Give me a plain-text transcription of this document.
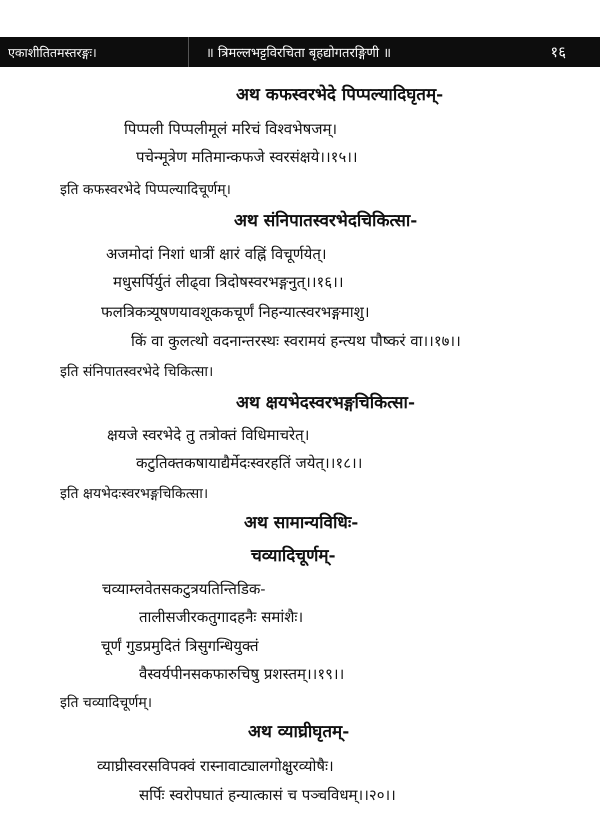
एकाशीतितमस्तरङ्गः।	॥ त्रिमल्लभट्टविरचिता बृहद्योगतरङ्गिणी ॥	१६
अथ कफस्वरभेदे पिप्पल्यादिघृतम्-
पिप्पली पिप्पलीमूलं मरिचं विश्वभेषजम्।
पचेन्मूत्रेण मतिमान्कफजे स्वरसंक्षये।।१५।।
इति कफस्वरभेदे पिप्पल्यादिचूर्णम्।
अथ संनिपातस्वरभेदचिकित्सा-
अजमोदां निशां धात्रीं क्षारं वह्निं विचूर्णयेत्।
मधुसर्पिर्युतं लीढ्वा त्रिदोषस्वरभङ्गनुत्।।१६।।
फलत्रिकत्र्यूषणयावशूककचूर्णं निहन्यात्स्वरभङ्गमाशु।
किं वा कुलत्थो वदनान्तरस्थः स्वरामयं हन्त्यथ पौष्करं वा।।१७।।
इति संनिपातस्वरभेदे चिकित्सा।
अथ क्षयभेदस्वरभङ्गचिकित्सा-
क्षयजे स्वरभेदे तु तत्रोक्तं विधिमाचरेत्।
कटुतिक्तकषायाद्यैर्मेदःस्वरहतिं जयेत्।।१८।।
इति क्षयभेदःस्वरभङ्गचिकित्सा।
अथ सामान्यविधिः-
चव्यादिचूर्णम्-
चव्याम्लवेतसकटुत्रयतिन्तिडिक-
तालीसजीरकतुगादहनैः समांशैः।
चूर्णं गुडप्रमुदितं त्रिसुगन्धियुक्तं
वैस्वर्यपीनसकफारुचिषु प्रशस्तम्।।१९।।
इति चव्यादिचूर्णम्।
अथ व्याघ्रीघृतम्-
व्याघ्रीस्वरसविपक्वं रास्नावाट्यालगोक्षुरव्योषैः।
सर्पिः स्वरोपघातं हन्यात्कासं च पञ्चविधम्।।२०।।
